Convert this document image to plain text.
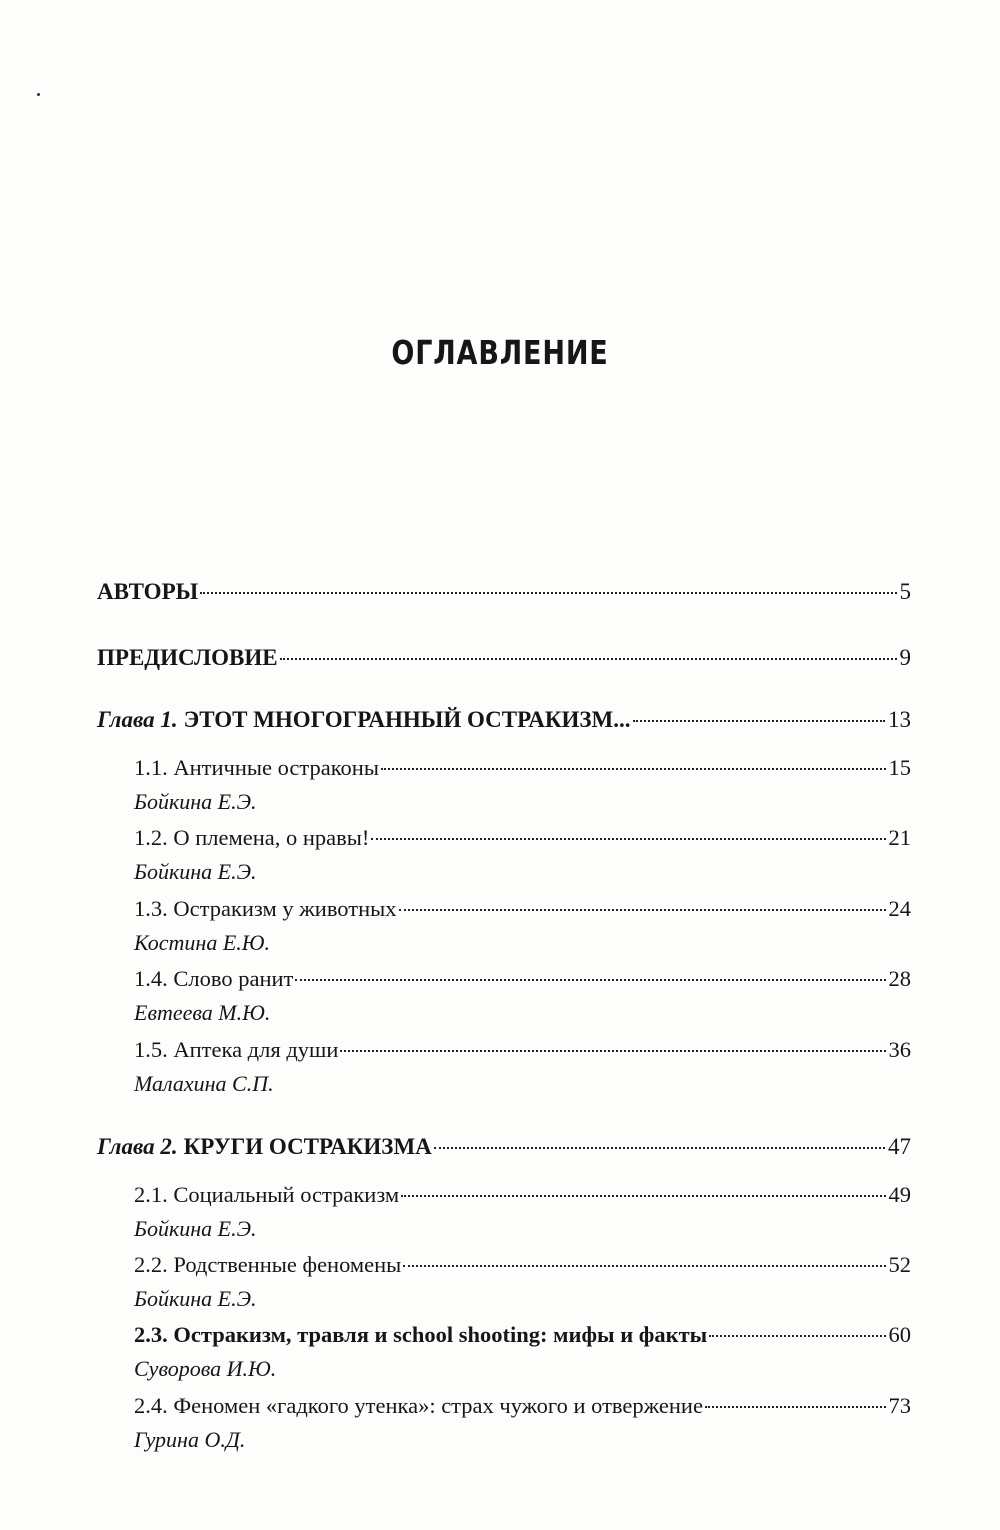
ОГЛАВЛЕНИЕ
АВТОРЫ	5
ПРЕДИСЛОВИЕ	9
Глава 1. ЭТОТ МНОГОГРАННЫЙ ОСТРАКИЗМ...	13
1.1. Античные остраконы	15
Бойкина Е.Э.
1.2. О племена, о нравы!	21
Бойкина Е.Э.
1.3. Остракизм у животных	24
Костина Е.Ю.
1.4. Слово ранит	28
Евтеева М.Ю.
1.5. Аптека для души	36
Малахина С.П.
Глава 2. КРУГИ ОСТРАКИЗМА	47
2.1. Социальный остракизм	49
Бойкина Е.Э.
2.2. Родственные феномены	52
Бойкина Е.Э.
2.3. Остракизм, травля и school shooting: мифы и факты	60
Суворова И.Ю.
2.4. Феномен «гадкого утенка»: страх чужого и отвержение	73
Гурина О.Д.
